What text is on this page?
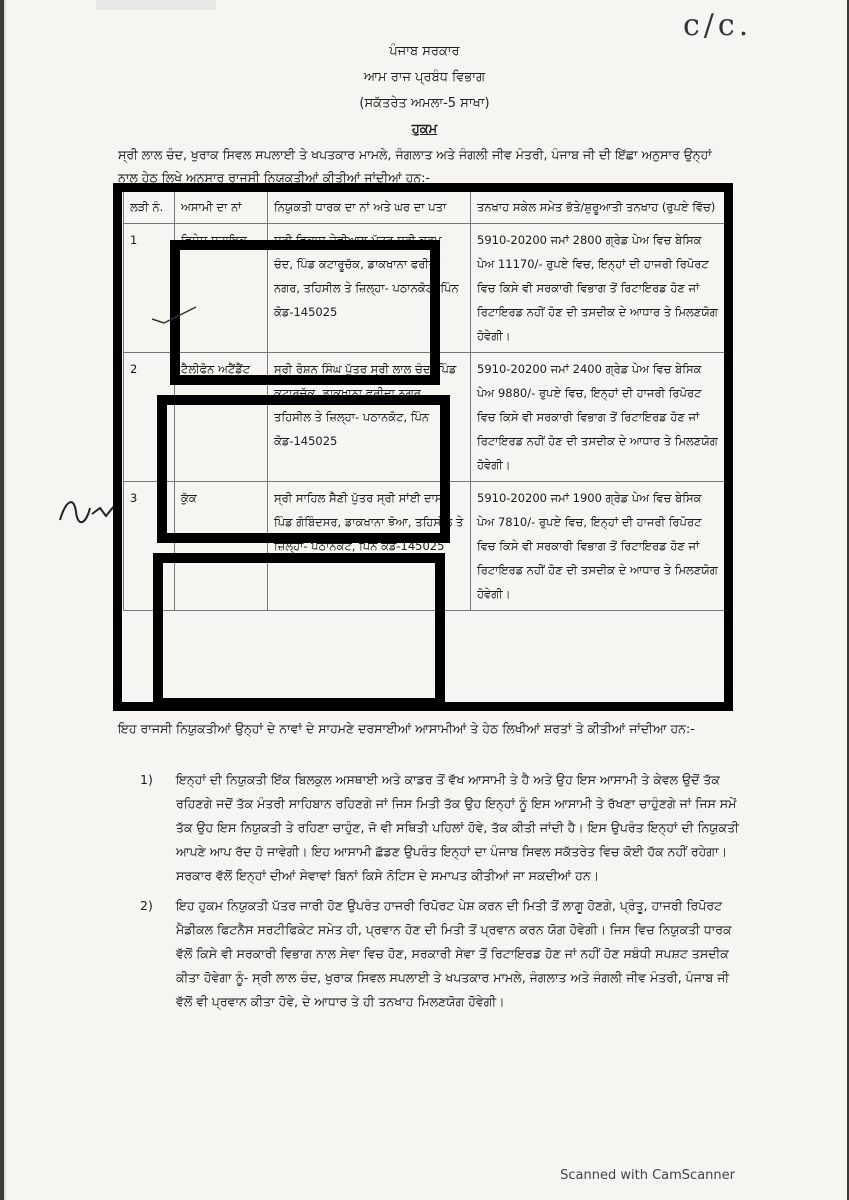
c/c.
ਪੰਜਾਬ ਸਰਕਾਰ
ਆਮ ਰਾਜ ਪ੍ਰਬੰਧ ਵਿਭਾਗ
(ਸਕੱਤਰੇਤ ਅਮਲਾ-5 ਸਾਖਾ)
ਹੁਕਮ
ਸ੍ਰੀ ਲਾਲ ਚੰਦ, ਖੁਰਾਕ ਸਿਵਲ ਸਪਲਾਈ ਤੇ ਖਪਤਕਾਰ ਮਾਮਲੇ, ਜੰਗਲਾਤ ਅਤੇ ਜੰਗਲੀ ਜੀਵ ਮੰਤਰੀ, ਪੰਜਾਬ ਜੀ ਦੀ ਇੱਛਾ ਅਨੁਸਾਰ ਉਨ੍ਹਾਂ ਨਾਲ ਹੇਠ ਲਿਖੇ ਅਨੁਸਾਰ ਰਾਜਸੀ ਨਿਯੁਕਤੀਆਂ ਕੀਤੀਆਂ ਜਾਂਦੀਆਂ ਹਨ:-
ਲੜੀ ਨੰ.	ਅਸਾਮੀ ਦਾ ਨਾਂ	ਨਿਯੁਕਤੀ ਧਾਰਕ ਦਾ ਨਾਂ ਅਤੇ ਘਰ ਦਾ ਪਤਾ	ਤਨਖਾਹ ਸਕੇਲ ਸਮੇਤ ਭੱਤੇ/ਸ਼ੁਰੂਆਤੀ ਤਨਖਾਹ (ਰੁਪਏ ਵਿੱਚ)
1	ਵਿਸ਼ੇਸ਼ ਸਹਾਇਕ	ਸ੍ਰੀ ਵਿਕਾਸ ਦੇਵੀਆਲ ਪੁੱਤਰ ਸ੍ਰੀ ਕਰਮ ਚੰਦ, ਪਿੰਡ ਕਟਾਰੂਚੱਕ, ਡਾਕਖਾਨਾ ਫਰੀਦਾ ਨਗਰ, ਤਹਿਸੀਲ ਤੇ ਜ਼ਿਲ੍ਹਾ- ਪਠਾਨਕੋਟ, ਪਿੰਨ ਕੋਡ-145025	5910-20200 ਜਮਾਂ 2800 ਗ੍ਰੇਡ ਪੇਅ ਵਿਚ ਬੇਸਿਕ ਪੇਅ 11170/- ਰੁਪਏ ਵਿਚ, ਇਨ੍ਹਾਂ ਦੀ ਹਾਜਰੀ ਰਿਪੋਰਟ ਵਿਚ ਕਿਸੇ ਵੀ ਸਰਕਾਰੀ ਵਿਭਾਗ ਤੋਂ ਰਿਟਾਇਰਡ ਹੋਣ ਜਾਂ ਰਿਟਾਇਰਡ ਨਹੀਂ ਹੋਣ ਦੀ ਤਸਦੀਕ ਦੇ ਆਧਾਰ ਤੇ ਮਿਲਣਯੋਗ ਹੋਵੇਗੀ।
2	ਟੈਲੀਫੋਨ ਅਟੈਂਡੈਂਟ	ਸ੍ਰੀ ਰੋਸ਼ਨ ਸਿੰਘ ਪੁੱਤਰ ਸ੍ਰੀ ਲਾਲ ਚੰਦ, ਪਿੰਡ ਕਟਾਰੂਚੱਕ, ਡਾਕਖਾਨਾ ਫਰੀਦਾ ਨਗਰ, ਤਹਿਸੀਲ ਤੇ ਜ਼ਿਲ੍ਹਾ- ਪਠਾਨਕੋਟ, ਪਿੰਨ ਕੋਡ-145025	5910-20200 ਜਮਾਂ 2400 ਗ੍ਰੇਡ ਪੇਅ ਵਿਚ ਬੇਸਿਕ ਪੇਅ 9880/- ਰੁਪਏ ਵਿਚ, ਇਨ੍ਹਾਂ ਦੀ ਹਾਜਰੀ ਰਿਪੋਰਟ ਵਿਚ ਕਿਸੇ ਵੀ ਸਰਕਾਰੀ ਵਿਭਾਗ ਤੋਂ ਰਿਟਾਇਰਡ ਹੋਣ ਜਾਂ ਰਿਟਾਇਰਡ ਨਹੀਂ ਹੋਣ ਦੀ ਤਸਦੀਕ ਦੇ ਆਧਾਰ ਤੇ ਮਿਲਣਯੋਗ ਹੋਵੇਗੀ।
3	ਕੁੱਕ	ਸ੍ਰੀ ਸਾਹਿਲ ਸੈਣੀ ਪੁੱਤਰ ਸ੍ਰੀ ਸਾਂਈ ਦਾਸ, ਪਿੰਡ ਗੋਬਿੰਦਸਰ, ਡਾਕਖਾਨਾ ਝੋਆ, ਤਹਿਸੀਲ ਤੇ ਜ਼ਿਲ੍ਹਾ- ਪਠਾਨਕੋਟ, ਪਿੰਨ ਕੋਡ-145025	5910-20200 ਜਮਾਂ 1900 ਗ੍ਰੇਡ ਪੇਅ ਵਿਚ ਬੇਸਿਕ ਪੇਅ 7810/- ਰੁਪਏ ਵਿਚ, ਇਨ੍ਹਾਂ ਦੀ ਹਾਜਰੀ ਰਿਪੋਰਟ ਵਿਚ ਕਿਸੇ ਵੀ ਸਰਕਾਰੀ ਵਿਭਾਗ ਤੋਂ ਰਿਟਾਇਰਡ ਹੋਣ ਜਾਂ ਰਿਟਾਇਰਡ ਨਹੀਂ ਹੋਣ ਦੀ ਤਸਦੀਕ ਦੇ ਆਧਾਰ ਤੇ ਮਿਲਣਯੋਗ ਹੋਵੇਗੀ।
ਇਹ ਰਾਜਸੀ ਨਿਯੁਕਤੀਆਂ ਉਨ੍ਹਾਂ ਦੇ ਨਾਵਾਂ ਦੇ ਸਾਹਮਣੇ ਦਰਸਾਈਆਂ ਆਸਾਮੀਆਂ ਤੇ ਹੇਠ ਲਿਖੀਆਂ ਸ਼ਰਤਾਂ ਤੇ ਕੀਤੀਆਂ ਜਾਂਦੀਆ ਹਨ:-
1)	ਇਨ੍ਹਾਂ ਦੀ ਨਿਯੁਕਤੀ ਇੱਕ ਬਿਲਕੁਲ ਅਸਥਾਈ ਅਤੇ ਕਾਡਰ ਤੋਂ ਵੱਖ ਆਸਾਮੀ ਤੇ ਹੈ ਅਤੇ ਉਹ ਇਸ ਆਸਾਮੀ ਤੇ ਕੇਵਲ ਉਦੋਂ ਤੱਕ ਰਹਿਣਗੇ ਜਦੋਂ ਤੱਕ ਮੰਤਰੀ ਸਾਹਿਬਾਨ ਰਹਿਣਗੇ ਜਾਂ ਜਿਸ ਮਿਤੀ ਤੱਕ ਉਹ ਇਨ੍ਹਾਂ ਨੂੰ ਇਸ ਆਸਾਮੀ ਤੇ ਰੱਖਣਾ ਚਾਹੁੰਣਗੇ ਜਾਂ ਜਿਸ ਸਮੇਂ ਤੱਕ ਉਹ ਇਸ ਨਿਯੁਕਤੀ ਤੇ ਰਹਿਣਾ ਚਾਹੁੰਣ, ਜੋ ਵੀ ਸਥਿਤੀ ਪਹਿਲਾਂ ਹੋਵੇ, ਤੱਕ ਕੀਤੀ ਜਾਂਦੀ ਹੈ। ਇਸ ਉਪਰੰਤ ਇਨ੍ਹਾਂ ਦੀ ਨਿਯੁਕਤੀ ਆਪਣੇ ਆਪ ਰੱਦ ਹੋ ਜਾਵੇਗੀ। ਇਹ ਆਸਾਮੀ ਛੱਡਣ ਉਪਰੰਤ ਇਨ੍ਹਾਂ ਦਾ ਪੰਜਾਬ ਸਿਵਲ ਸਕੱਤਰੇਤ ਵਿਚ ਕੋਈ ਹੱਕ ਨਹੀਂ ਰਹੇਗਾ। ਸਰਕਾਰ ਵੱਲੋਂ ਇਨ੍ਹਾਂ ਦੀਆਂ ਸੇਵਾਵਾਂ ਬਿਨਾਂ ਕਿਸੇ ਨੋਟਿਸ ਦੇ ਸਮਾਪਤ ਕੀਤੀਆਂ ਜਾ ਸਕਦੀਆਂ ਹਨ।
2)	ਇਹ ਹੁਕਮ ਨਿਯੁਕਤੀ ਪੱਤਰ ਜਾਰੀ ਹੋਣ ਉਪਰੰਤ ਹਾਜਰੀ ਰਿਪੋਰਟ ਪੇਸ਼ ਕਰਨ ਦੀ ਮਿਤੀ ਤੋਂ ਲਾਗੂ ਹੋਣਗੇ, ਪ੍ਰੰਤੂ, ਹਾਜਰੀ ਰਿਪੋਰਟ ਮੈਡੀਕਲ ਫਿਟਨੈਸ ਸਰਟੀਫਿਕੇਟ ਸਮੇਤ ਹੀ, ਪ੍ਰਵਾਨ ਹੋਣ ਦੀ ਮਿਤੀ ਤੋਂ ਪ੍ਰਵਾਨ ਕਰਨ ਯੋਗ ਹੋਵੇਗੀ। ਜਿਸ ਵਿਚ ਨਿਯੁਕਤੀ ਧਾਰਕ ਵੱਲੋਂ ਕਿਸੇ ਵੀ ਸਰਕਾਰੀ ਵਿਭਾਗ ਨਾਲ ਸੇਵਾ ਵਿਚ ਹੋਣ, ਸਰਕਾਰੀ ਸੇਵਾ ਤੋਂ ਰਿਟਾਇਰਡ ਹੋਣ ਜਾਂ ਨਹੀਂ ਹੋਣ ਸਬੰਧੀ ਸਪਸ਼ਟ ਤਸਦੀਕ ਕੀਤਾ ਹੋਵੇਗਾ ਨੂੰ- ਸ੍ਰੀ ਲਾਲ ਚੰਦ, ਖੁਰਾਕ ਸਿਵਲ ਸਪਲਾਈ ਤੇ ਖਪਤਕਾਰ ਮਾਮਲੇ, ਜੰਗਲਾਤ ਅਤੇ ਜੰਗਲੀ ਜੀਵ ਮੰਤਰੀ, ਪੰਜਾਬ ਜੀ ਵੱਲੋਂ ਵੀ ਪ੍ਰਵਾਨ ਕੀਤਾ ਹੋਵੇ, ਦੇ ਆਧਾਰ ਤੇ ਹੀ ਤਨਖਾਹ ਮਿਲਣਯੋਗ ਹੋਵੇਗੀ।
Scanned with CamScanner
